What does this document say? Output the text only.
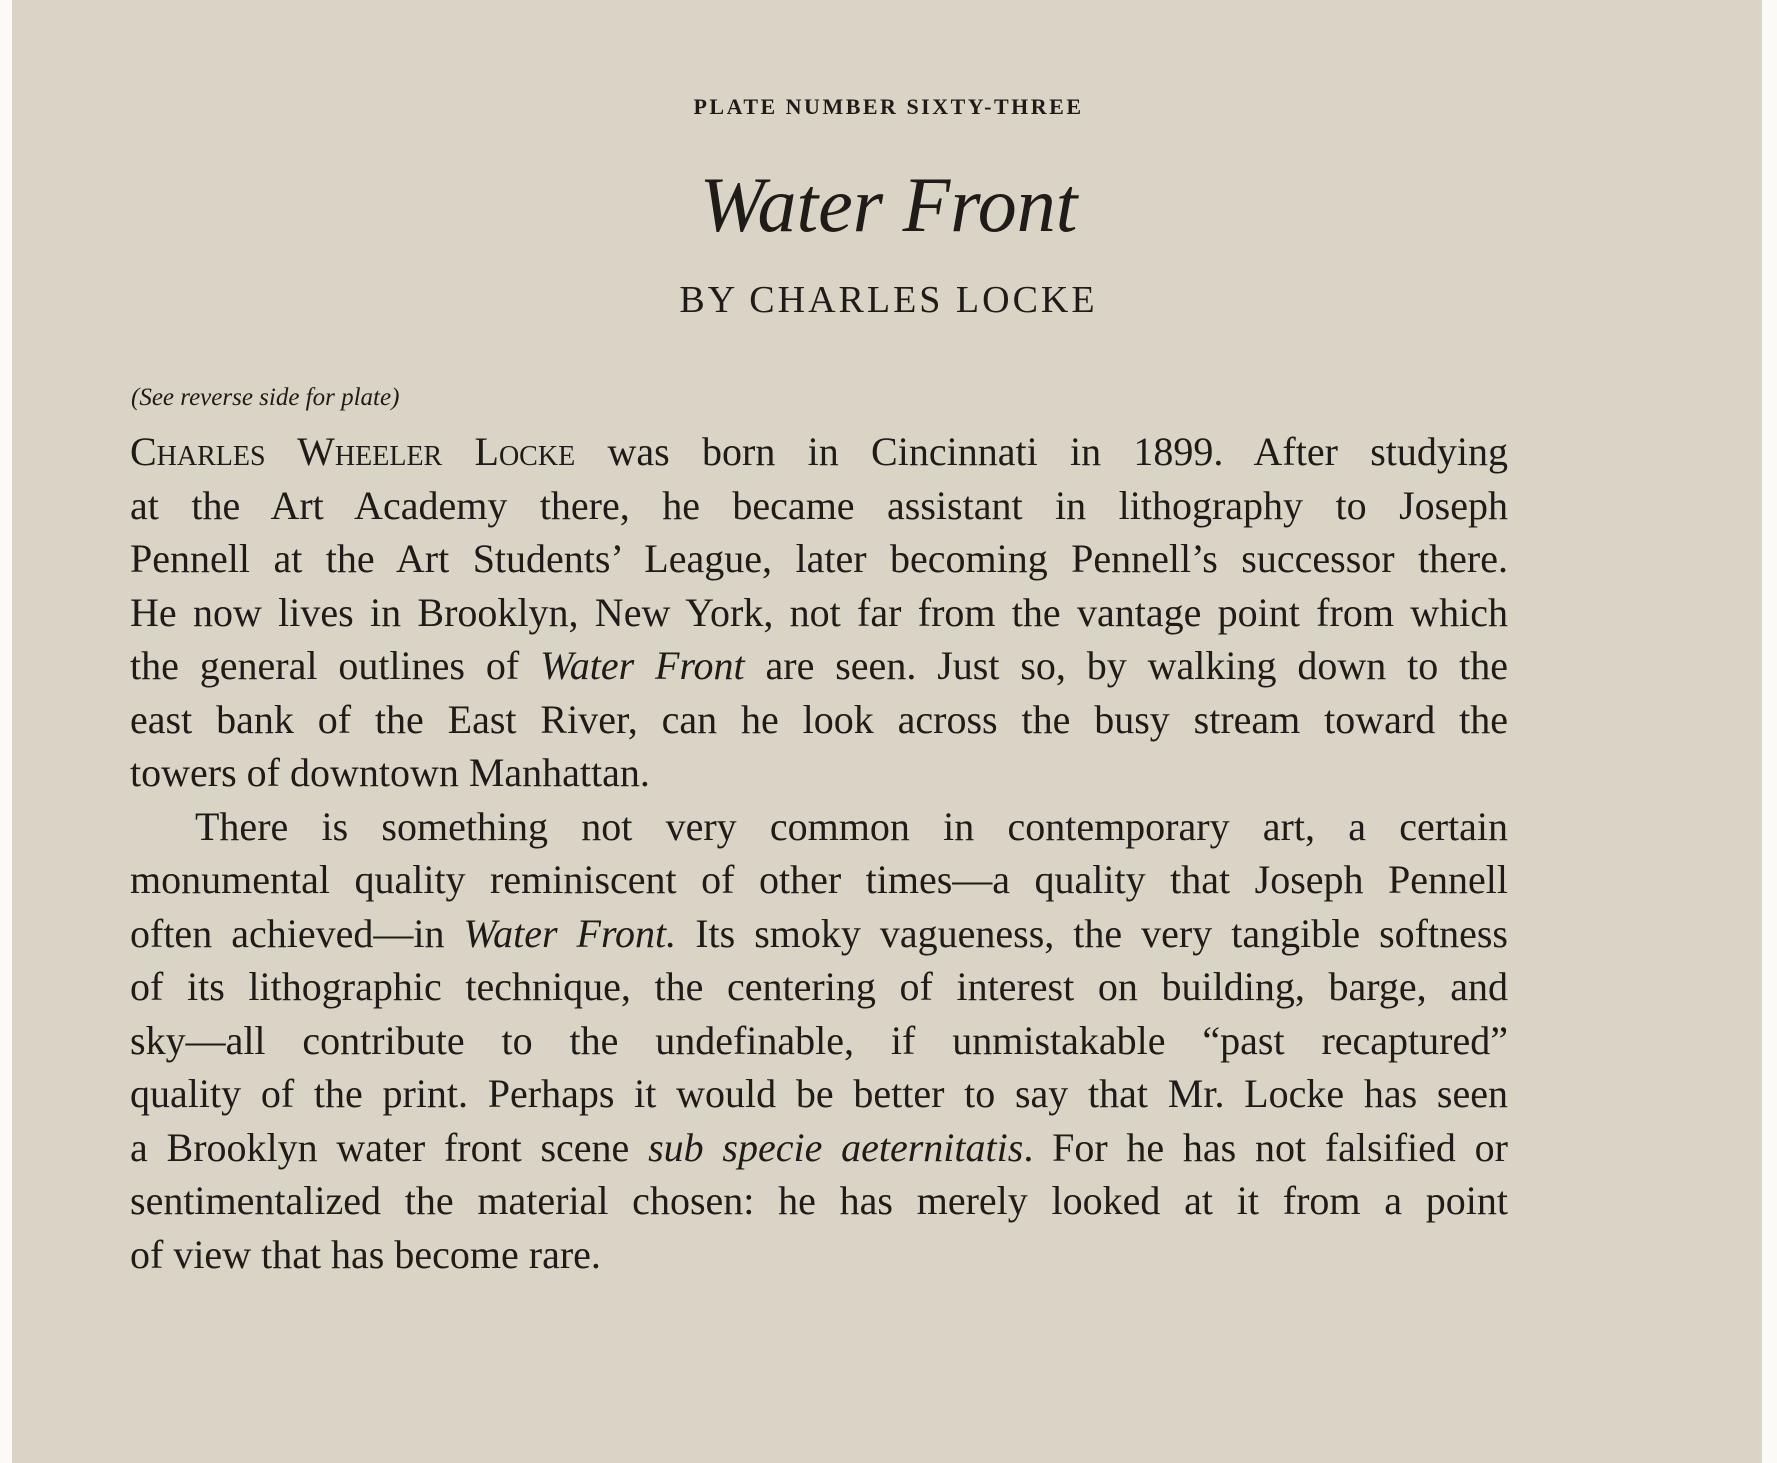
PLATE NUMBER SIXTY-THREE
Water Front
BY CHARLES LOCKE
(See reverse side for plate)
Charles Wheeler Locke was born in Cincinnati in 1899. After studying
at the Art Academy there, he became assistant in lithography to Joseph
Pennell at the Art Students’ League, later becoming Pennell’s successor there.
He now lives in Brooklyn, New York, not far from the vantage point from which
the general outlines of Water Front are seen. Just so, by walking down to the
east bank of the East River, can he look across the busy stream toward the
towers of downtown Manhattan.
There is something not very common in contemporary art, a certain
monumental quality reminiscent of other times—a quality that Joseph Pennell
often achieved—in Water Front. Its smoky vagueness, the very tangible softness
of its lithographic technique, the centering of interest on building, barge, and
sky—all contribute to the undefinable, if unmistakable “past recaptured”
quality of the print. Perhaps it would be better to say that Mr. Locke has seen
a Brooklyn water front scene sub specie aeternitatis. For he has not falsified or
sentimentalized the material chosen: he has merely looked at it from a point
of view that has become rare.
